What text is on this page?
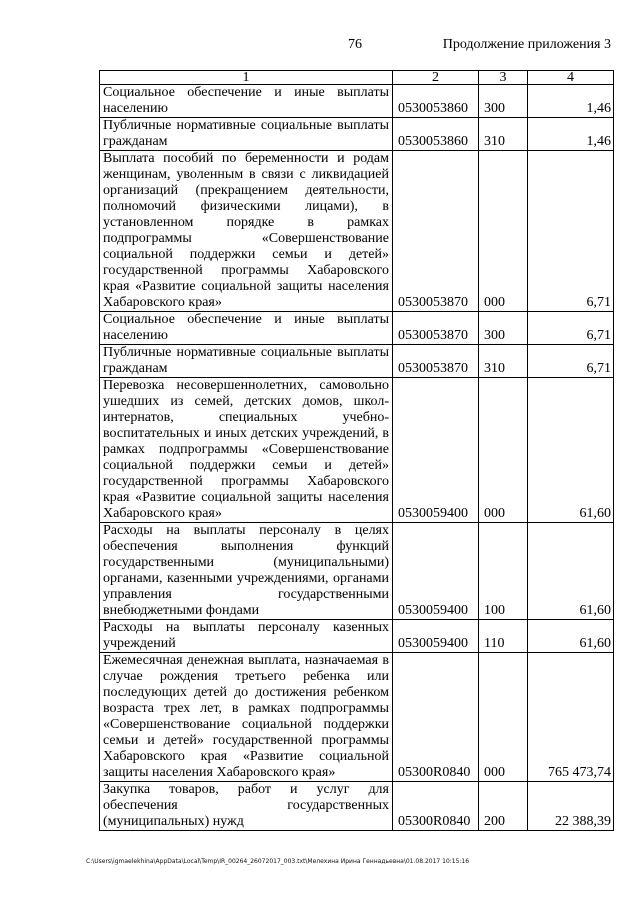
76	Продолжение приложения 3
1	2	3	4
Социальное обеспечение и иные выплаты населению	0530053860	300	1,46
Публичные нормативные социальные выплаты гражданам	0530053860	310	1,46
Выплата пособий по беременности и родам женщинам, уволенным в связи с ликвидацией организаций (прекращением деятельности, полномочий физическими лицами), в установленном порядке в рамках подпрограммы «Совершенствование социальной поддержки семьи и детей» государственной программы Хабаровского края «Развитие социальной защиты населения Хабаровского края»	0530053870	000	6,71
Социальное обеспечение и иные выплаты населению	0530053870	300	6,71
Публичные нормативные социальные выплаты гражданам	0530053870	310	6,71
Перевозка несовершеннолетних, самовольно ушедших из семей, детских домов, школ-интернатов, специальных учебно-воспитательных и иных детских учреждений, в рамках подпрограммы «Совершенствование социальной поддержки семьи и детей» государственной программы Хабаровского края «Развитие социальной защиты населения Хабаровского края»	0530059400	000	61,60
Расходы на выплаты персоналу в целях обеспечения выполнения функций государственными (муниципальными) органами, казенными учреждениями, органами управления государственными внебюджетными фондами	0530059400	100	61,60
Расходы на выплаты персоналу казенных учреждений	0530059400	110	61,60
Ежемесячная денежная выплата, назначаемая в случае рождения третьего ребенка или последующих детей до достижения ребенком возраста трех лет, в рамках подпрограммы «Совершенствование социальной поддержки семьи и детей» государственной программы Хабаровского края «Развитие социальной защиты населения Хабаровского края»	05300R0840	000	765 473,74
Закупка товаров, работ и услуг для обеспечения государственных (муниципальных) нужд	05300R0840	200	22 388,39
C:\Users\igmaelekhina\AppData\Local\Temp\IR_00264_26072017_003.txt\Мелехина Ирина Геннадьевна\01.08.2017 10:15:16
